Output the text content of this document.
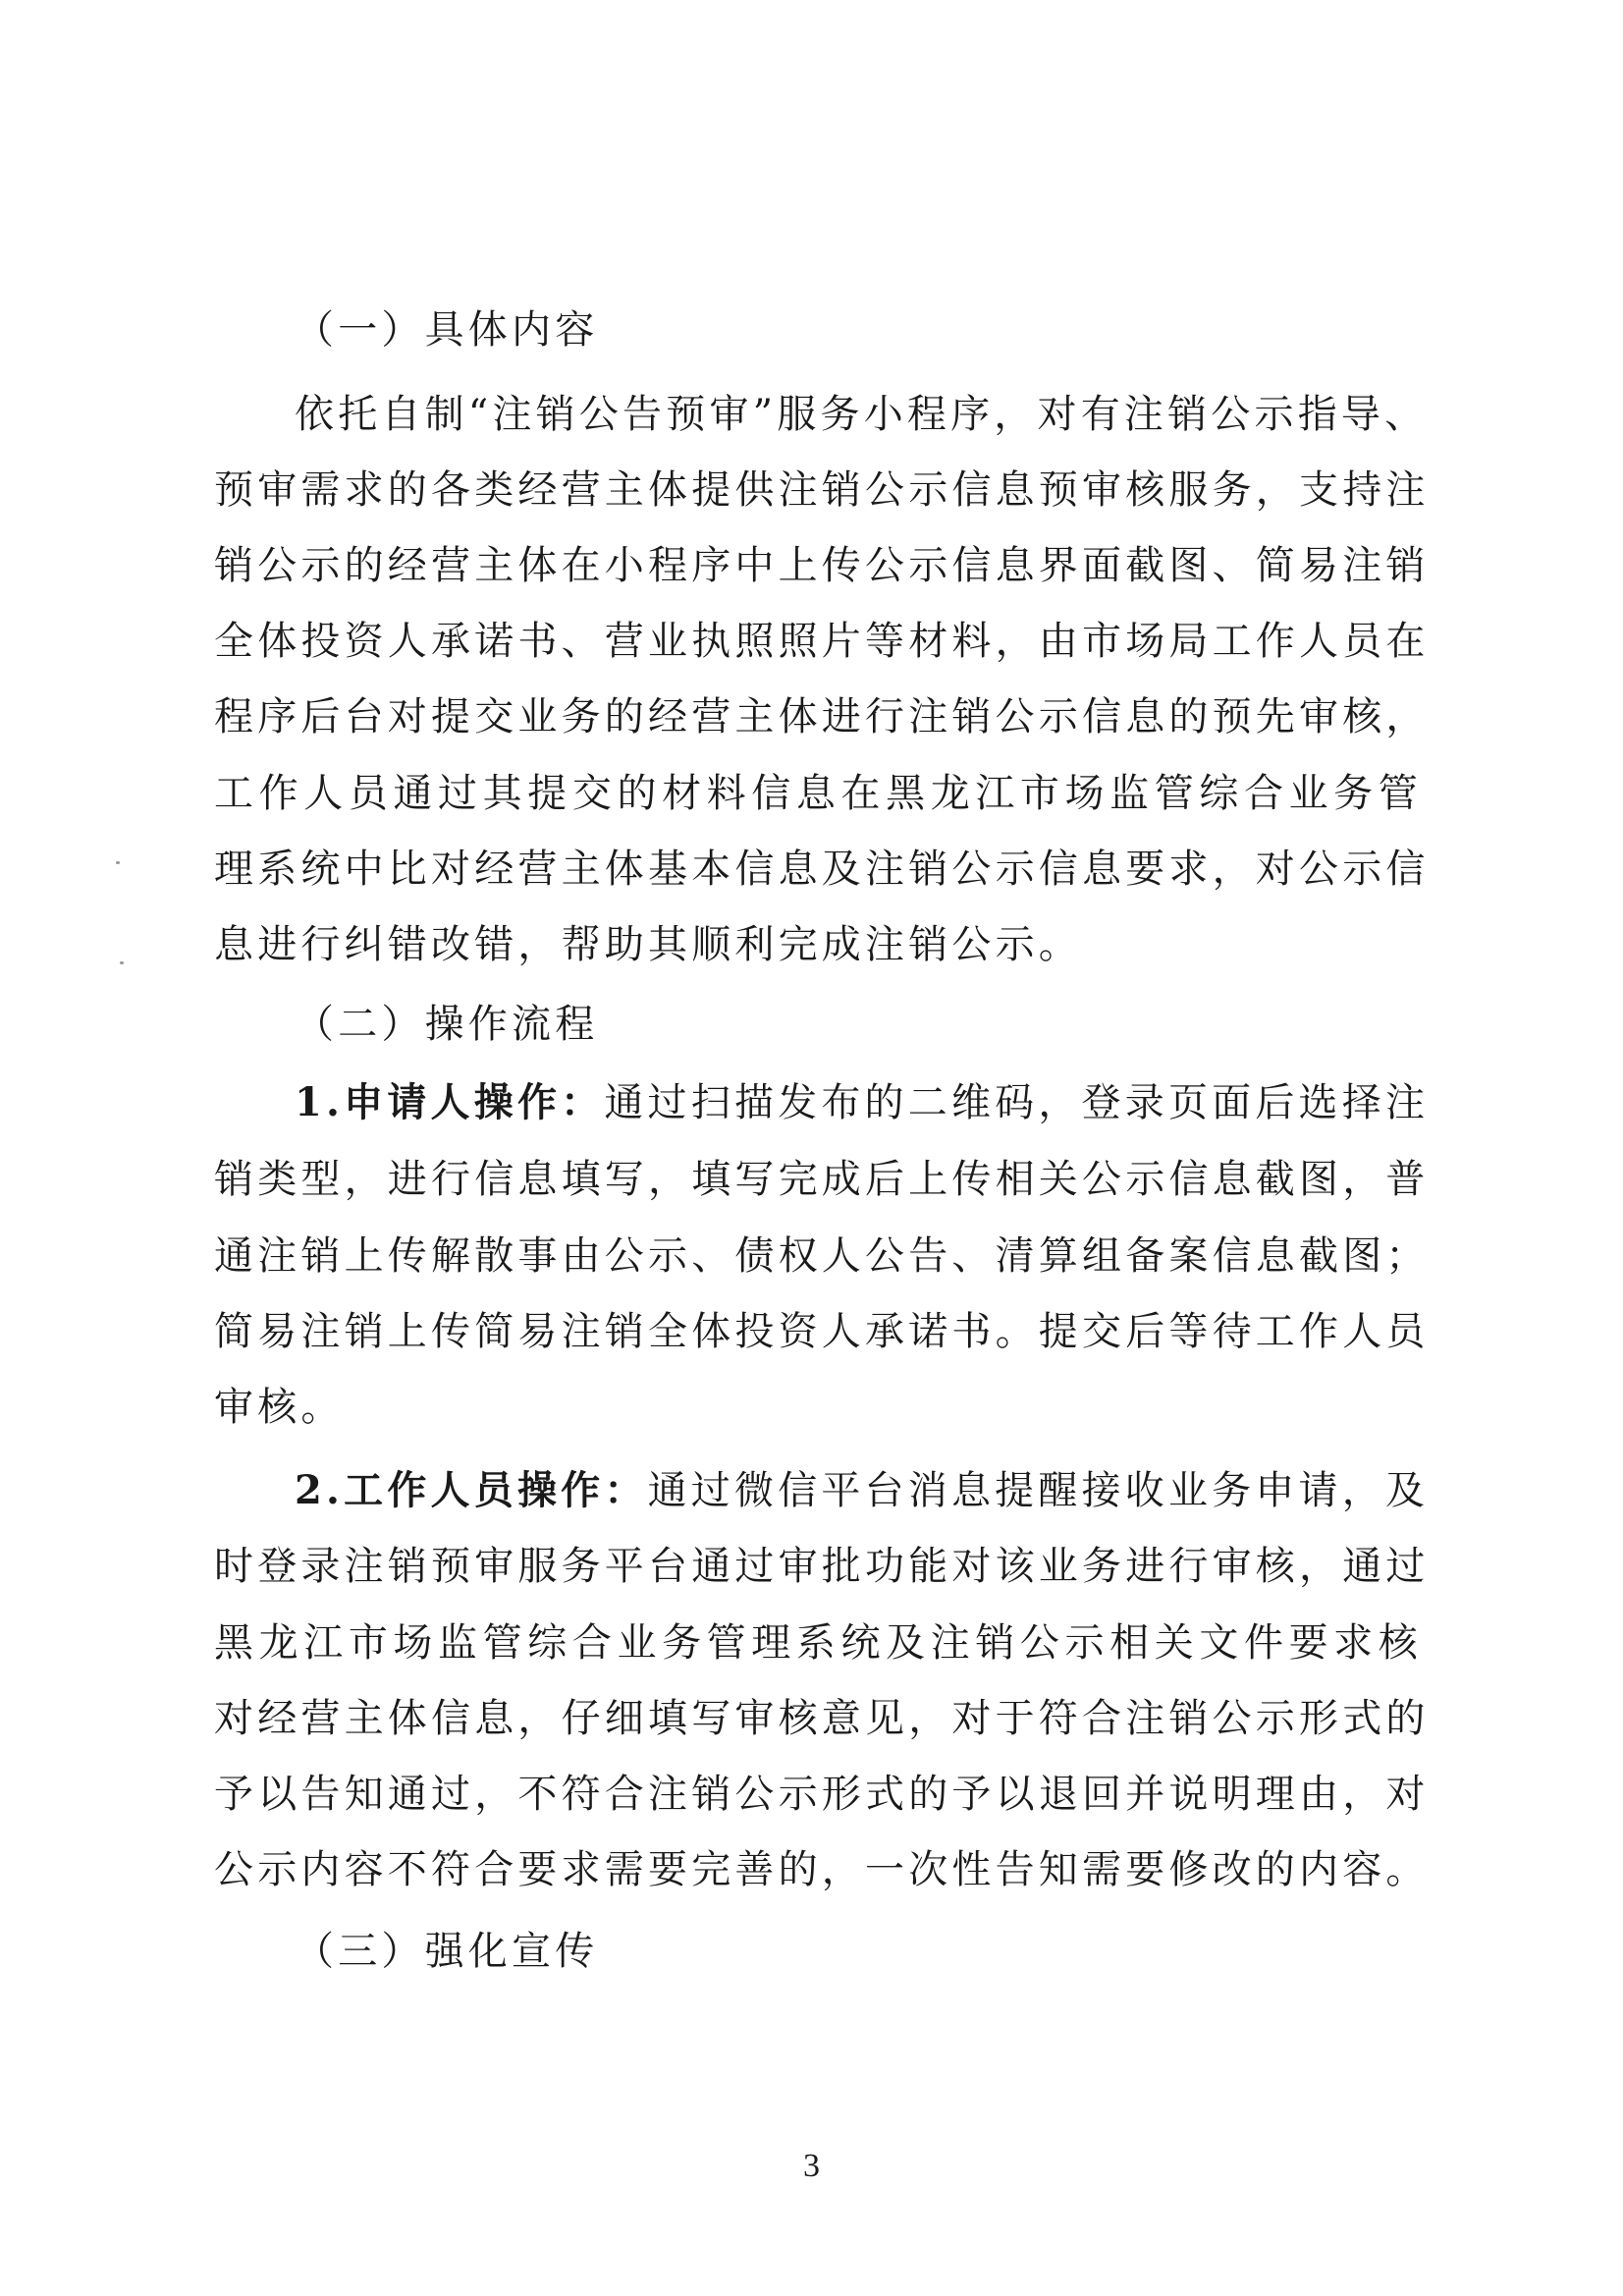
（一）具体内容
依托自制“注销公告预审”服务小程序，对有注销公示指导、
预审需求的各类经营主体提供注销公示信息预审核服务，支持注
销公示的经营主体在小程序中上传公示信息界面截图、简易注销
全体投资人承诺书、营业执照照片等材料，由市场局工作人员在
程序后台对提交业务的经营主体进行注销公示信息的预先审核，
工作人员通过其提交的材料信息在黑龙江市场监管综合业务管
理系统中比对经营主体基本信息及注销公示信息要求，对公示信
息进行纠错改错，帮助其顺利完成注销公示。
（二）操作流程
1.申请人操作：通过扫描发布的二维码，登录页面后选择注
销类型，进行信息填写，填写完成后上传相关公示信息截图，普
通注销上传解散事由公示、债权人公告、清算组备案信息截图；
简易注销上传简易注销全体投资人承诺书。提交后等待工作人员
审核。
2.工作人员操作：通过微信平台消息提醒接收业务申请，及
时登录注销预审服务平台通过审批功能对该业务进行审核，通过
黑龙江市场监管综合业务管理系统及注销公示相关文件要求核
对经营主体信息，仔细填写审核意见，对于符合注销公示形式的
予以告知通过，不符合注销公示形式的予以退回并说明理由，对
公示内容不符合要求需要完善的，一次性告知需要修改的内容。
（三）强化宣传
3
